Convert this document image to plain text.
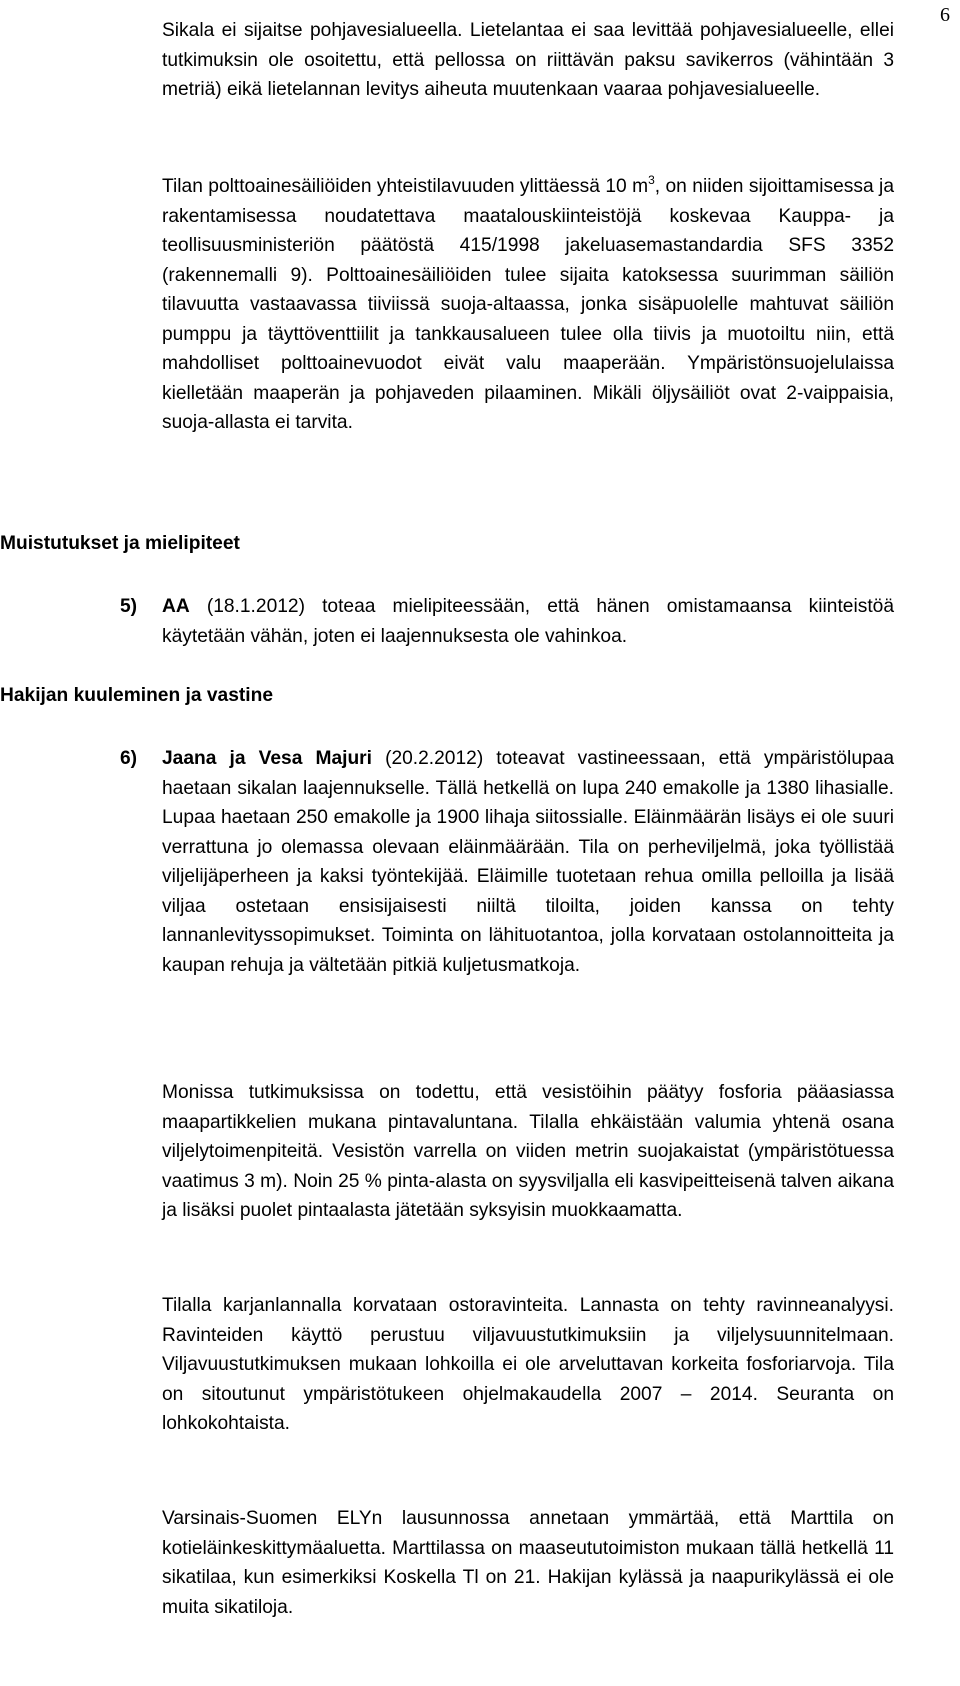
6

Sikala ei sijaitse pohjavesialueella. Lietelantaa ei saa levittää pohjavesialueelle, ellei tutkimuksin ole osoitettu, että pellossa on riittävän paksu savikerros (vähintään 3 metriä) eikä lietelannan levitys aiheuta muutenkaan vaaraa pohjavesialueelle.

Tilan polttoainesäiliöiden yhteistilavuuden ylittäessä 10 $m^3$, on niiden sijoittamisessa ja rakentamisessa noudatettava maatalouskiinteistöjä koskevaa Kauppa- ja teollisuusministeriön päätöstä 415/1998 jakeluasemastandardia SFS 3352 (rakennemalli 9). Polttoainesäiliöiden tulee sijaita katoksessa suurimman säiliön tilavuutta vastaavassa tiiviissä suoja-altaassa, jonka sisäpuolelle mahtuvat säiliön pumppu ja täyttöventtiilit ja tankkausalueen tulee olla tiivis ja muotoiltu niin, että mahdolliset polttoainevuodot eivät valu maaperään. Ympäristönsuojelulaissa kielletään maaperän ja pohjaveden pilaaminen. Mikäli öljysäiliöt ovat 2-vaippaisia, suoja-allasta ei tarvita.

Muistutukset ja mielipiteet
5)	AA (18.1.2012) toteaa mielipiteessään, että hänen omistamaansa kiinteistöä käytetään vähän, joten ei laajennuksesta ole vahinkoa.
Hakijan kuuleminen ja vastine
6)	Jaana ja Vesa Majuri (20.2.2012) toteavat vastineessaan, että ympäristölupaa haetaan sikalan laajennukselle. Tällä hetkellä on lupa 240 emakolle ja 1380 lihasialle. Lupaa haetaan 250 emakolle ja 1900 lihaja siitossialle. Eläinmäärän lisäys ei ole suuri verrattuna jo olemassa olevaan eläinmäärään. Tila on perheviljelmä, joka työllistää viljelijäperheen ja kaksi työntekijää. Eläimille tuotetaan rehua omilla pelloilla ja lisää viljaa ostetaan ensisijaisesti niiltä tiloilta, joiden kanssa on tehty lannanlevityssopimukset. Toiminta on lähituotantoa, jolla korvataan ostolannoitteita ja kaupan rehuja ja vältetään pitkiä kuljetusmatkoja.

Monissa tutkimuksissa on todettu, että vesistöihin päätyy fosforia pääasiassa maapartikkelien mukana pintavaluntana. Tilalla ehkäistään valumia yhtenä osana viljelytoimenpiteitä. Vesistön varrella on viiden metrin suojakaistat (ympäristötuessa vaatimus 3 m). Noin 25 % pinta-alasta on syysviljalla eli kasvipeitteisenä talven aikana ja lisäksi puolet pintaalasta jätetään syksyisin muokkaamatta.

Tilalla karjanlannalla korvataan ostoravinteita. Lannasta on tehty ravinneanalyysi. Ravinteiden käyttö perustuu viljavuustutkimuksiin ja viljelysuunnitelmaan. Viljavuustutkimuksen mukaan lohkoilla ei ole arveluttavan korkeita fosforiarvoja. Tila on sitoutunut ympäristötukeen ohjelmakaudella 2007 – 2014. Seuranta on lohkokohtaista.

Varsinais-Suomen ELYn lausunnossa annetaan ymmärtää, että Marttila on kotieläinkeskittymäaluetta. Marttilassa on maaseututoimiston mukaan tällä hetkellä 11 sikatilaa, kun esimerkiksi Koskella Tl on 21. Hakijan kylässä ja naapurikylässä ei ole muita sikatiloja.
